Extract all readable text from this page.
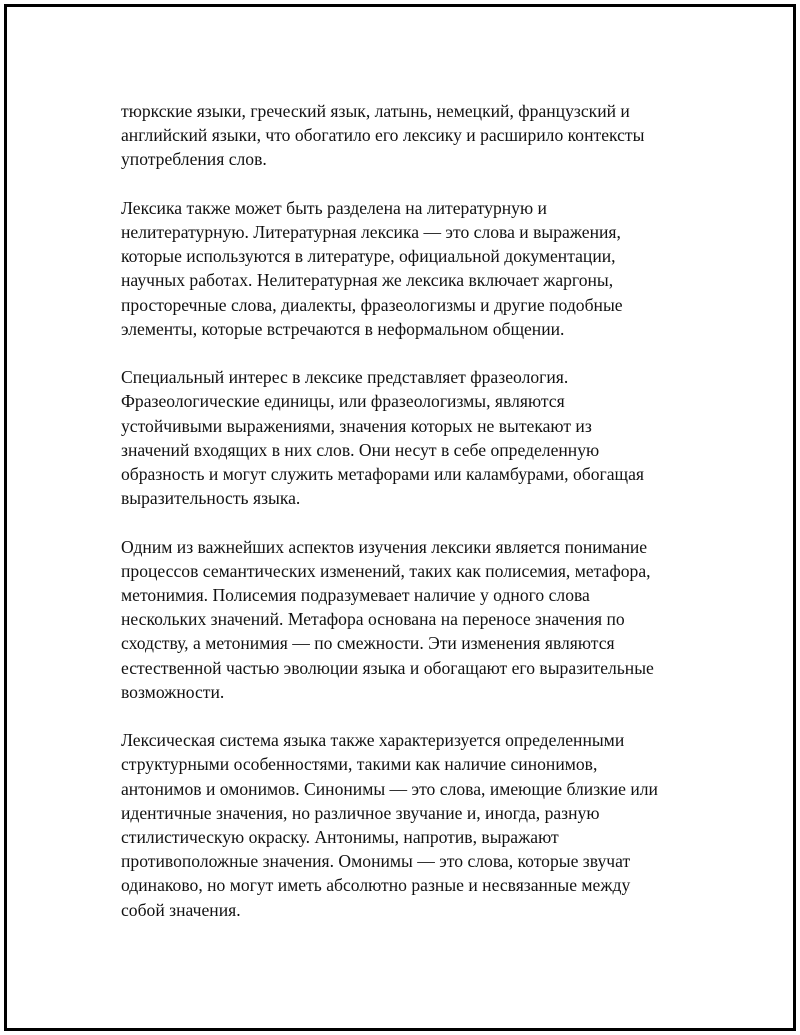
тюркские языки, греческий язык, латынь, немецкий, французский и
английский языки, что обогатило его лексику и расширило контексты
употребления слов.

Лексика также может быть разделена на литературную и
нелитературную. Литературная лексика — это слова и выражения,
которые используются в литературе, официальной документации,
научных работах. Нелитературная же лексика включает жаргоны,
просторечные слова, диалекты, фразеологизмы и другие подобные
элементы, которые встречаются в неформальном общении.

Специальный интерес в лексике представляет фразеология.
Фразеологические единицы, или фразеологизмы, являются
устойчивыми выражениями, значения которых не вытекают из
значений входящих в них слов. Они несут в себе определенную
образность и могут служить метафорами или каламбурами, обогащая
выразительность языка.

Одним из важнейших аспектов изучения лексики является понимание
процессов семантических изменений, таких как полисемия, метафора,
метонимия. Полисемия подразумевает наличие у одного слова
нескольких значений. Метафора основана на переносе значения по
сходству, а метонимия — по смежности. Эти изменения являются
естественной частью эволюции языка и обогащают его выразительные
возможности.

Лексическая система языка также характеризуется определенными
структурными особенностями, такими как наличие синонимов,
антонимов и омонимов. Синонимы — это слова, имеющие близкие или
идентичные значения, но различное звучание и, иногда, разную
стилистическую окраску. Антонимы, напротив, выражают
противоположные значения. Омонимы — это слова, которые звучат
одинаково, но могут иметь абсолютно разные и несвязанные между
собой значения.
